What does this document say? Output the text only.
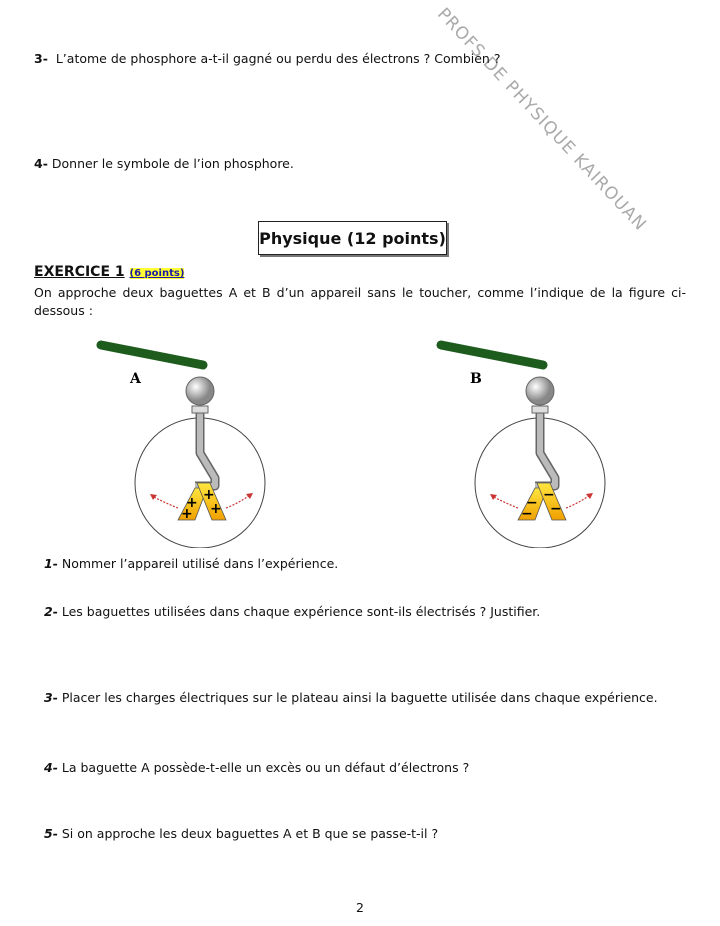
PROFS DE PHYSIQUE KAIROUAN
3- L’atome de phosphore a-t-il gagné ou perdu des électrons ? Combien ?
4- Donner le symbole de l’ion phosphore.
Physique (12 points)
EXERCICE 1 (6 points)
On approche deux baguettes A et B d’un appareil sans le toucher, comme l’indique de la figure ci-dessous :
A
+
+
+
+
B
−
−
−
−
1- Nommer l’appareil utilisé dans l’expérience.
2- Les baguettes utilisées dans chaque expérience sont-ils électrisés ? Justifier.
3- Placer les charges électriques sur le plateau ainsi la baguette utilisée dans chaque expérience.
4- La baguette A possède-t-elle un excès ou un défaut d’électrons ?
5- Si on approche les deux baguettes A et B que se passe-t-il ?
2
